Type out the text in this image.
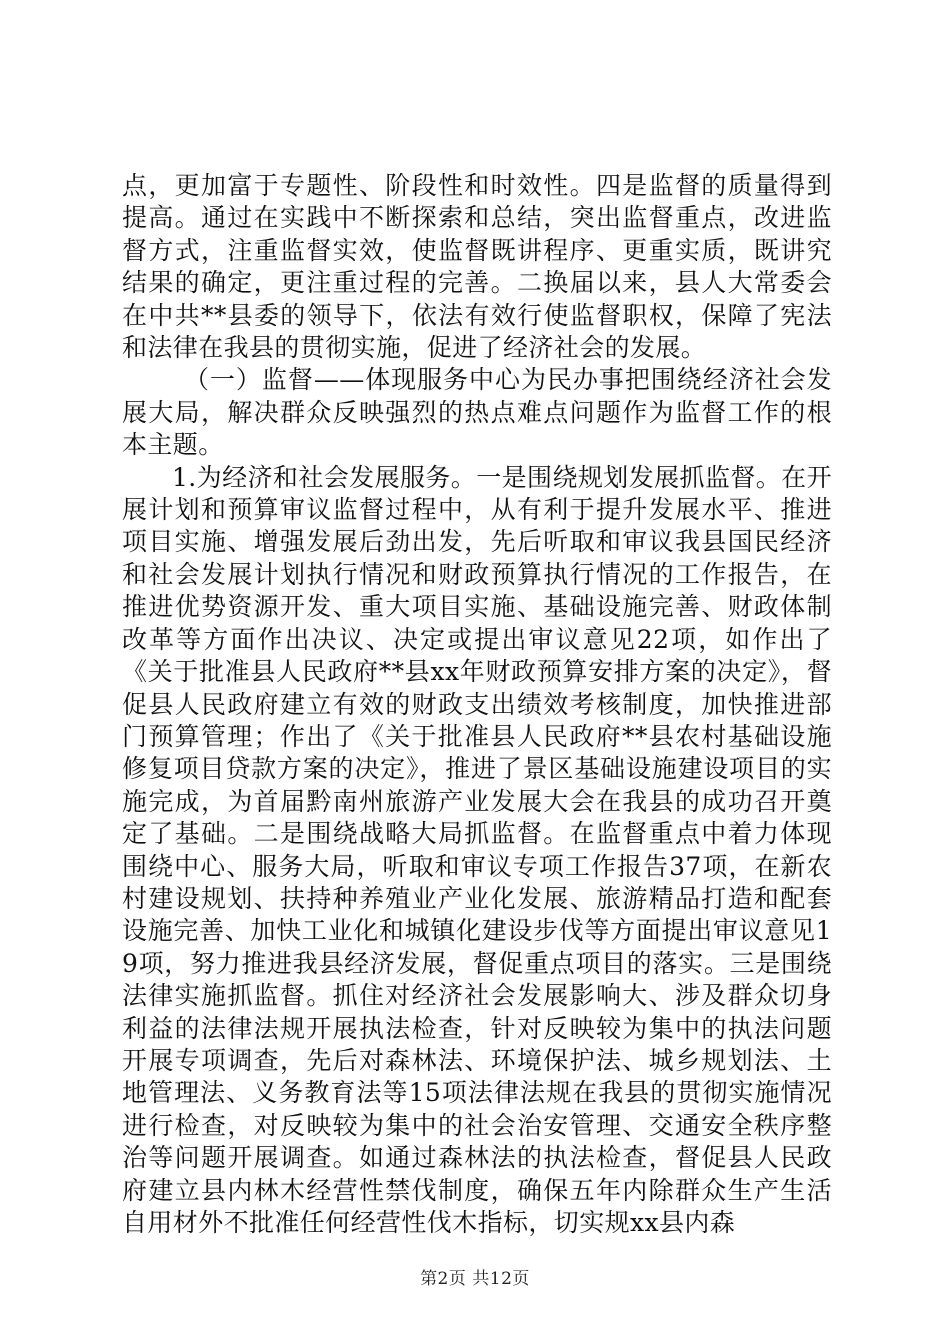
点，更加富于专题性、阶段性和时效性。四是监督的质量得到提高。通过在实践中不断探索和总结，突出监督重点，改进监督方式，注重监督实效，使监督既讲程序、更重实质，既讲究结果的确定，更注重过程的完善。二换届以来，县人大常委会在中共**县委的领导下，依法有效行使监督职权，保障了宪法和法律在我县的贯彻实施，促进了经济社会的发展。

（一）监督——体现服务中心为民办事把围绕经济社会发展大局，解决群众反映强烈的热点难点问题作为监督工作的根本主题。

1.为经济和社会发展服务。一是围绕规划发展抓监督。在开展计划和预算审议监督过程中，从有利于提升发展水平、推进项目实施、增强发展后劲出发，先后听取和审议我县国民经济和社会发展计划执行情况和财政预算执行情况的工作报告，在推进优势资源开发、重大项目实施、基础设施完善、财政体制改革等方面作出决议、决定或提出审议意见22项，如作出了《关于批准县人民政府**县xx年财政预算安排方案的决定》，督促县人民政府建立有效的财政支出绩效考核制度，加快推进部门预算管理；作出了《关于批准县人民政府**县农村基础设施修复项目贷款方案的决定》，推进了景区基础设施建设项目的实施完成，为首届黔南州旅游产业发展大会在我县的成功召开奠定了基础。二是围绕战略大局抓监督。在监督重点中着力体现围绕中心、服务大局，听取和审议专项工作报告37项，在新农村建设规划、扶持种养殖业产业化发展、旅游精品打造和配套设施完善、加快工业化和城镇化建设步伐等方面提出审议意见19项，努力推进我县经济发展，督促重点项目的落实。三是围绕法律实施抓监督。抓住对经济社会发展影响大、涉及群众切身利益的法律法规开展执法检查，针对反映较为集中的执法问题开展专项调查，先后对森林法、环境保护法、城乡规划法、土地管理法、义务教育法等15项法律法规在我县的贯彻实施情况进行检查，对反映较为集中的社会治安管理、交通安全秩序整治等问题开展调查。如通过森林法的执法检查，督促县人民政府建立县内林木经营性禁伐制度，确保五年内除群众生产生活自用材外不批准任何经营性伐木指标，切实规xx县内森

第2页 共12页
